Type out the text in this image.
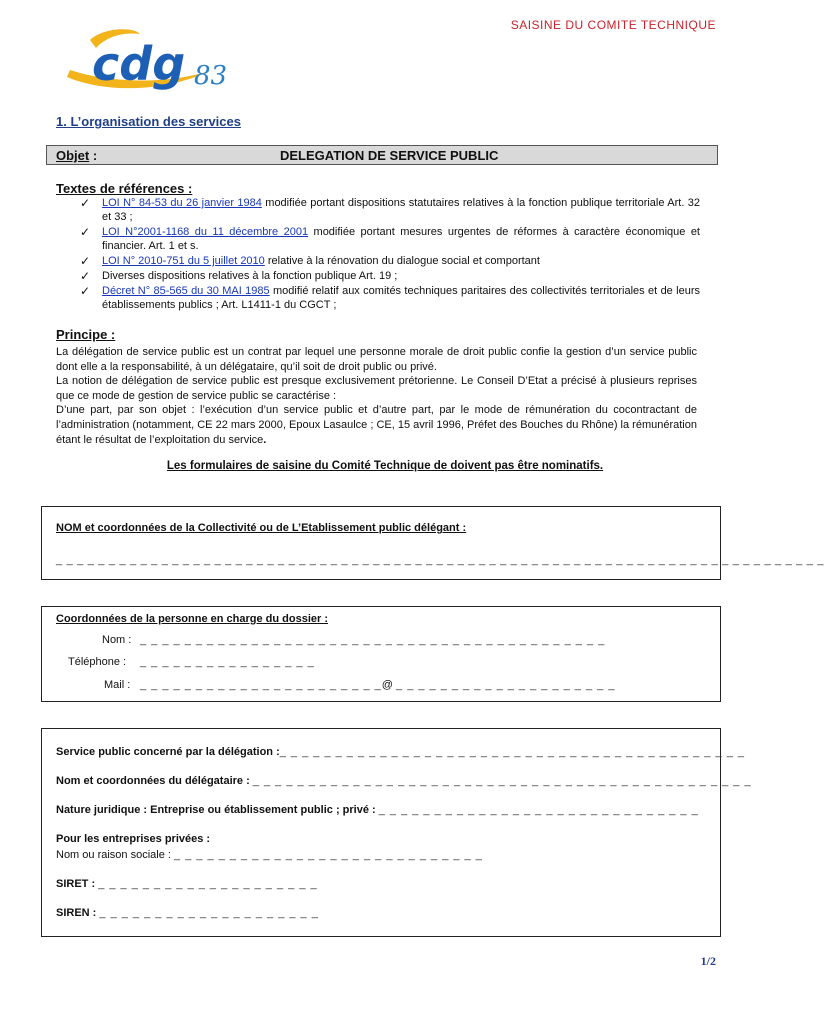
SAISINE DU COMITE TECHNIQUE
cdg 83
1. L’organisation des services
Objet :	DELEGATION DE SERVICE PUBLIC
Textes de références :
✓ LOI N° 84-53 du 26 janvier 1984 modifiée portant dispositions statutaires relatives à la fonction publique territoriale Art. 32 et 33 ;
✓ LOI N°2001-1168 du 11 décembre 2001 modifiée portant mesures urgentes de réformes à caractère économique et financier. Art. 1 et s.
✓ LOI N° 2010-751 du 5 juillet 2010 relative à la rénovation du dialogue social et comportant
✓ Diverses dispositions relatives à la fonction publique Art. 19 ;
✓ Décret N° 85-565 du 30 MAI 1985 modifié relatif aux comités techniques paritaires des collectivités territoriales et de leurs établissements publics ; Art. L1411-1 du CGCT ;
Principe :

La délégation de service public est un contrat par lequel une personne morale de droit public confie la gestion d’un service public dont elle a la responsabilité, à un délégataire, qu’il soit de droit public ou privé.

La notion de délégation de service public est presque exclusivement prétorienne. Le Conseil D’Etat a précisé à plusieurs reprises que ce mode de gestion de service public se caractérise :

D’une part, par son objet : l’exécution d’un service public et d’autre part, par le mode de rémunération du cocontractant de l’administration (notamment, CE 22 mars 2000, Epoux Lasaulce ; CE, 15 avril 1996, Préfet des Bouches du Rhône) la rémunération étant le résultat de l’exploitation du service.

Les formulaires de saisine du Comité Technique de doivent pas être nominatifs.
NOM et coordonnées de la Collectivité ou de L’Etablissement public délégant :
_ _ _ _ _ _ _ _ _ _ _ _ _ _ _ _ _ _ _ _ _ _ _ _ _ _ _ _ _ _ _ _ _ _ _ _ _ _ _ _ _ _ _ _ _ _ _ _ _ _ _ _ _ _ _ _ _ _ _ _ _ _ _ _ _ _ _ _ _ _ _ _ _
Coordonnées de la personne en charge du dossier :
Nom : _ _ _ _ _ _ _ _ _ _ _ _ _ _ _ _ _ _ _ _ _ _ _ _ _ _ _ _ _ _ _ _ _ _ _ _ _ _ _ _ _ _
Téléphone : _ _ _ _ _ _ _ _ _ _ _ _ _ _ _ _
Mail : _ _ _ _ _ _ _ _ _ _ _ _ _ _ _ _ _ _ _ _ _ _@ _ _ _ _ _ _ _ _ _ _ _ _ _ _ _ _ _ _ _ _
Service public concerné par la délégation :_ _ _ _ _ _ _ _ _ _ _ _ _ _ _ _ _ _ _ _ _ _ _ _ _ _ _ _ _ _ _ _ _ _ _ _ _ _ _ _ _ _
Nom et coordonnées du délégataire : _ _ _ _ _ _ _ _ _ _ _ _ _ _ _ _ _ _ _ _ _ _ _ _ _ _ _ _ _ _ _ _ _ _ _ _ _ _ _ _ _ _ _ _ _
Nature juridique : Entreprise ou établissement public ; privé : _ _ _ _ _ _ _ _ _ _ _ _ _ _ _ _ _ _ _ _ _ _ _ _ _ _ _ _ _
Pour les entreprises privées :
Nom ou raison sociale : _ _ _ _ _ _ _ _ _ _ _ _ _ _ _ _ _ _ _ _ _ _ _ _ _ _ _ _
SIRET : _ _ _ _ _ _ _ _ _ _ _ _ _ _ _ _ _ _ _ _
SIREN : _ _ _ _ _ _ _ _ _ _ _ _ _ _ _ _ _ _ _ _
1/2
